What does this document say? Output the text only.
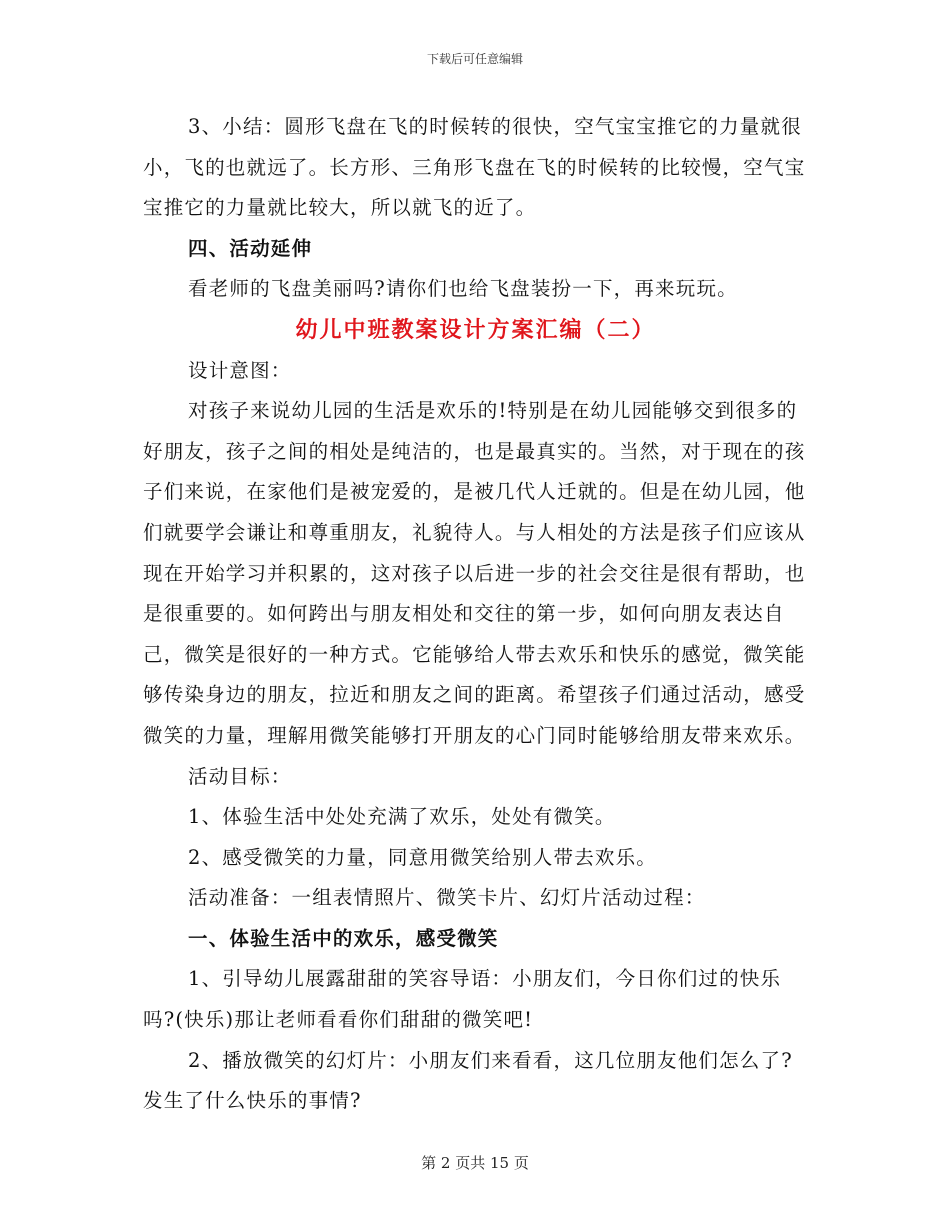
下载后可任意编辑

3、小结：圆形飞盘在飞的时候转的很快，空气宝宝推它的力量就很小，飞的也就远了。长方形、三角形飞盘在飞的时候转的比较慢，空气宝宝推它的力量就比较大，所以就飞的近了。

四、活动延伸

看老师的飞盘美丽吗?请你们也给飞盘装扮一下，再来玩玩。

幼儿中班教案设计方案汇编（二）

设计意图：

对孩子来说幼儿园的生活是欢乐的!特别是在幼儿园能够交到很多的好朋友，孩子之间的相处是纯洁的，也是最真实的。当然，对于现在的孩子们来说，在家他们是被宠爱的，是被几代人迁就的。但是在幼儿园，他们就要学会谦让和尊重朋友，礼貌待人。与人相处的方法是孩子们应该从现在开始学习并积累的，这对孩子以后进一步的社会交往是很有帮助，也是很重要的。如何跨出与朋友相处和交往的第一步，如何向朋友表达自己，微笑是很好的一种方式。它能够给人带去欢乐和快乐的感觉，微笑能够传染身边的朋友，拉近和朋友之间的距离。希望孩子们通过活动，感受微笑的力量，理解用微笑能够打开朋友的心门同时能够给朋友带来欢乐。

活动目标：

1、体验生活中处处充满了欢乐，处处有微笑。

2、感受微笑的力量，同意用微笑给别人带去欢乐。

活动准备：一组表情照片、微笑卡片、幻灯片活动过程：

一、体验生活中的欢乐，感受微笑

1、引导幼儿展露甜甜的笑容导语：小朋友们，今日你们过的快乐吗?(快乐)那让老师看看你们甜甜的微笑吧!

2、播放微笑的幻灯片：小朋友们来看看，这几位朋友他们怎么了?发生了什么快乐的事情?

第 2 页共 15 页
